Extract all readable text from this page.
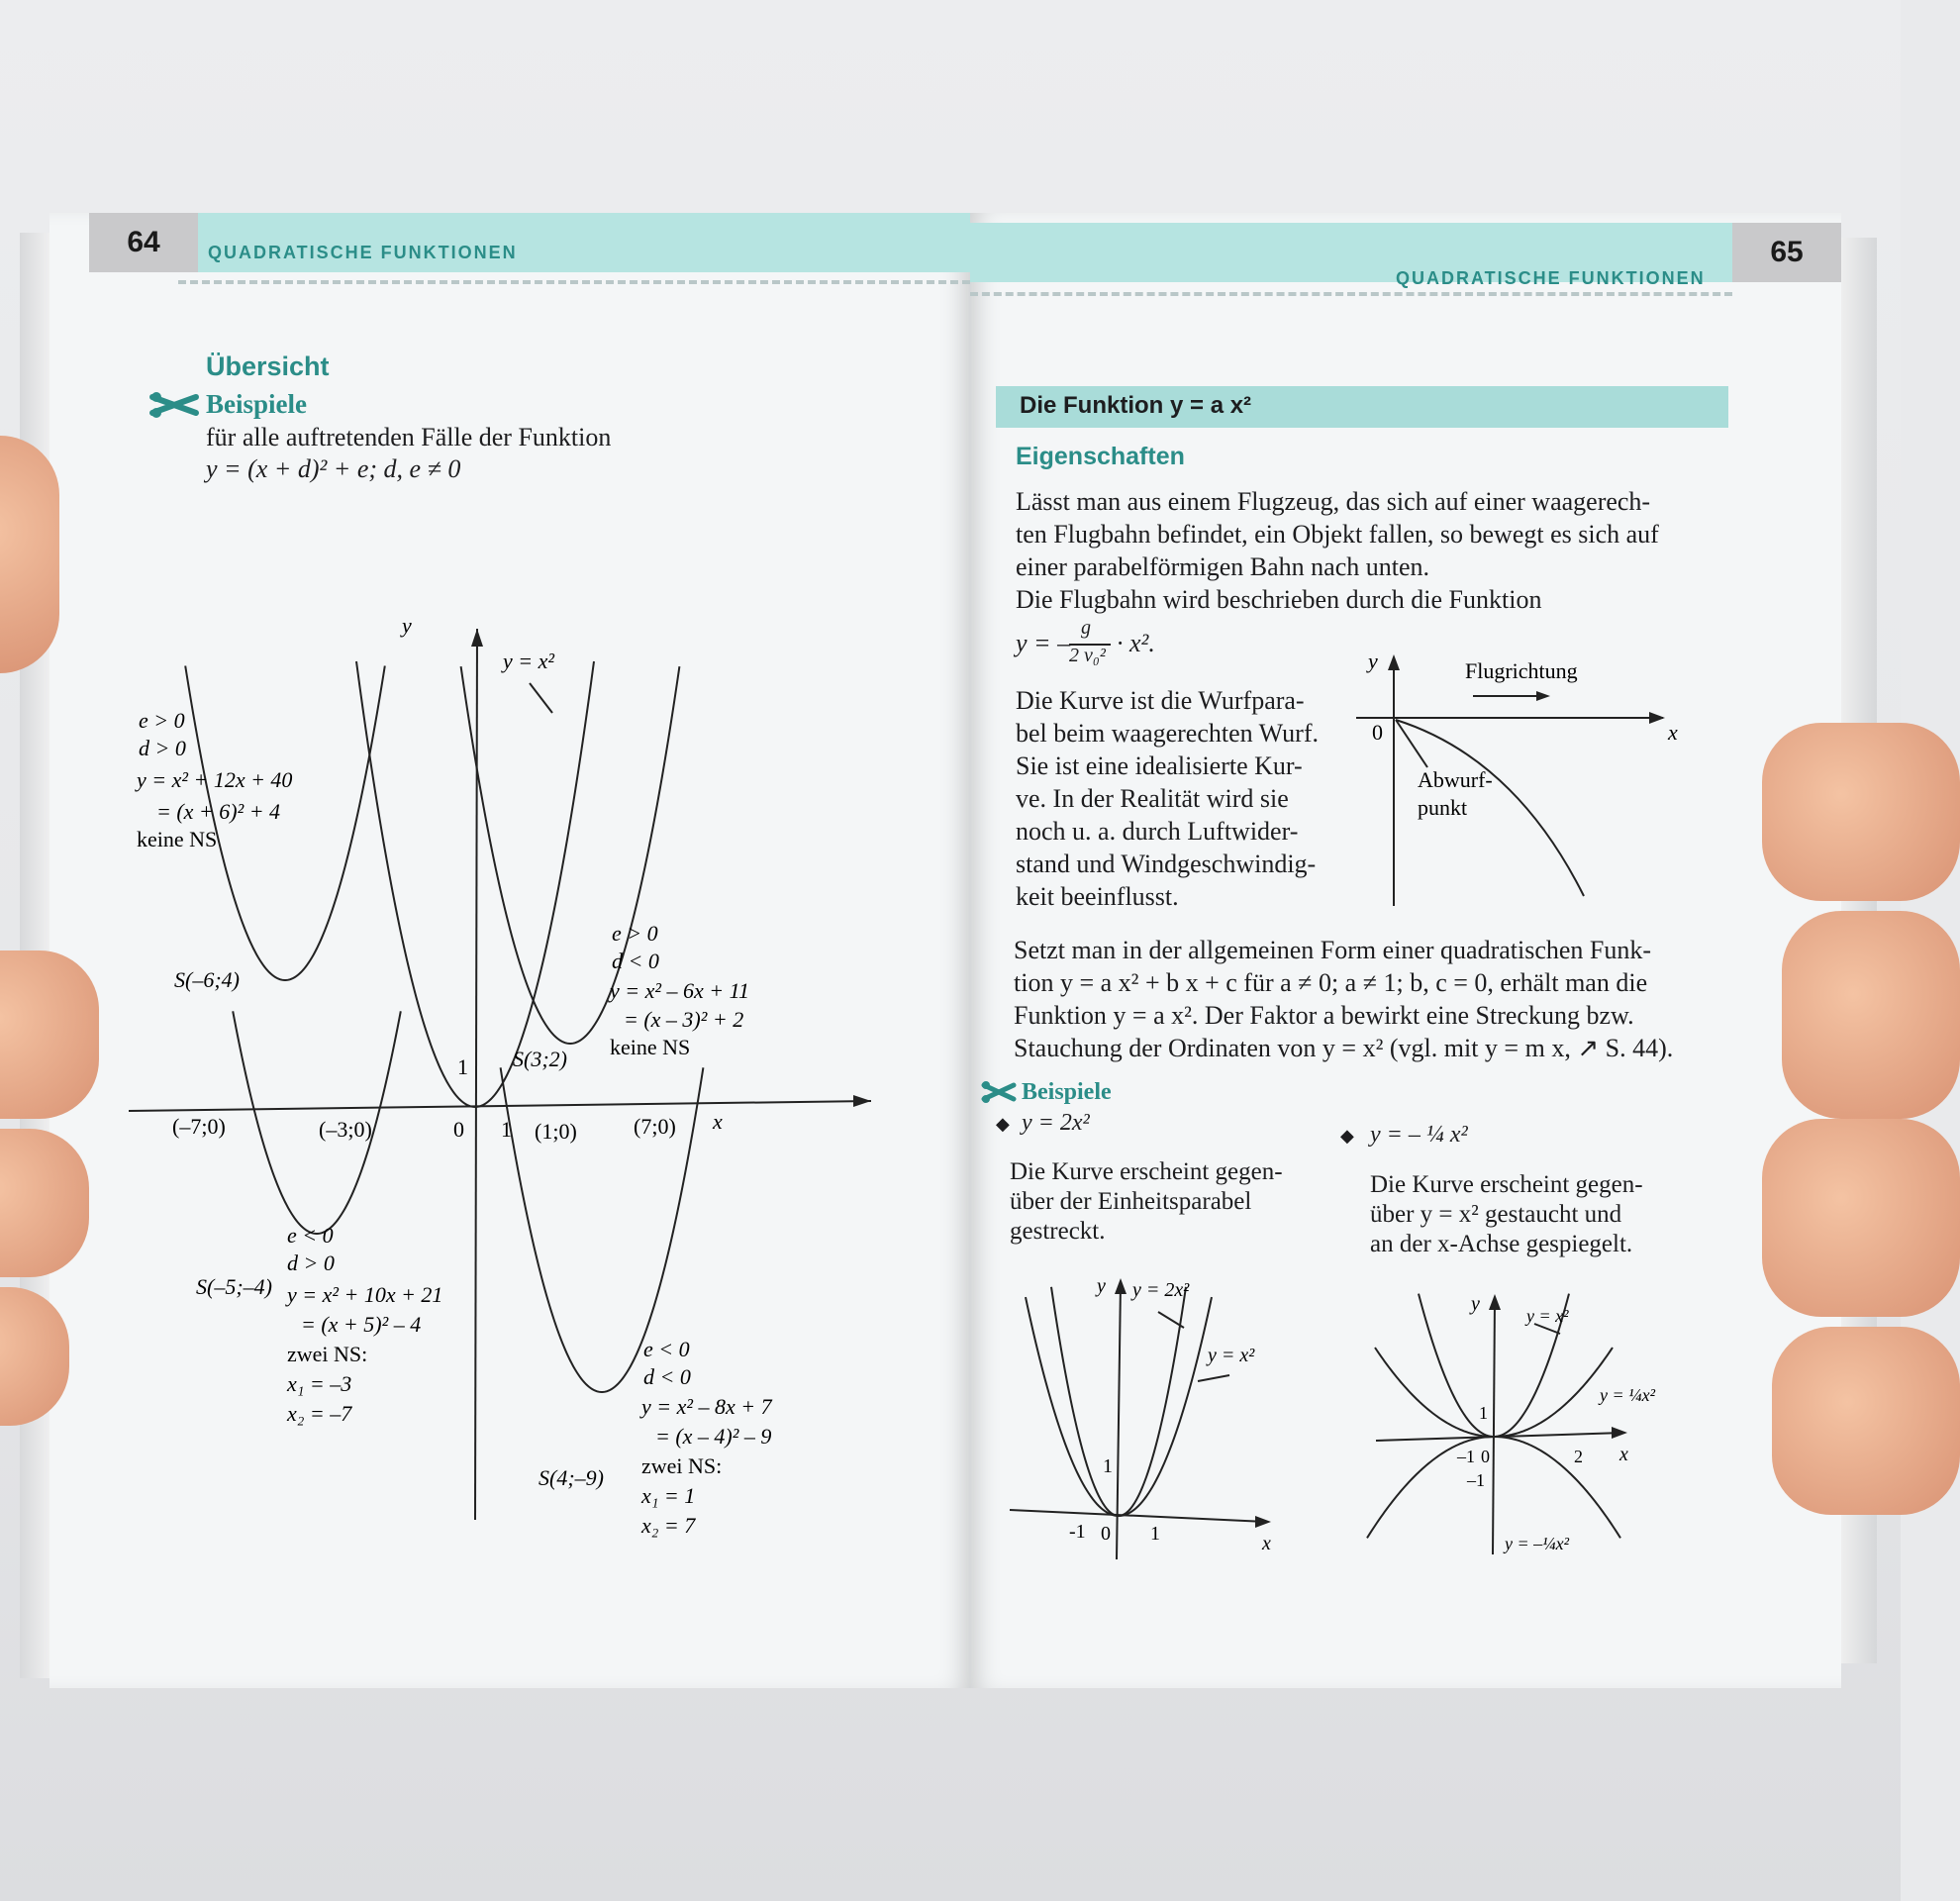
64	QUADRATISCHE FUNKTIONEN
Übersicht
Beispiele
für alle auftretenden Fälle der Funktion
y = (x + d)² + e; d, e ≠ 0
y
x
0 1
1
y = x²
e > 0
d > 0
y = x² + 12x + 40
= (x + 6)² + 4
keine NS
S(–6;4)
e > 0
d < 0
y = x² – 6x + 11
= (x – 3)² + 2
keine NS
S(3;2)
e < 0
d > 0
y = x² + 10x + 21
= (x + 5)² – 4
zwei NS:
x₁ = –3
x₂ = –7
S(–5;–4)
e < 0
d < 0
y = x² – 8x + 7
= (x – 4)² – 9
zwei NS:
x₁ = 1
x₂ = 7
S(4;–9)
(–7;0)	(–3;0)	(1;0)	(7;0)
QUADRATISCHE FUNKTIONEN
65
Die Funktion y = a x²
Eigenschaften
Lässt man aus einem Flugzeug, das sich auf einer waagerech-
ten Flugbahn befindet, ein Objekt fallen, so bewegt es sich auf
einer parabelförmigen Bahn nach unten.
Die Flugbahn wird beschrieben durch die Funktion
y = –
g
2 v₀² · x².
Die Kurve ist die Wurfpara-
bel beim waagerechten Wurf.
Sie ist eine idealisierte Kur-
ve. In der Realität wird sie
noch u. a. durch Luftwider-
stand und Windgeschwindig-
keit beeinflusst.
y
x
0
Flugrichtung
Abwurf-
punkt
Setzt man in der allgemeinen Form einer quadratischen Funk-
tion y = a x² + b x + c für a ≠ 0; a ≠ 1; b, c = 0, erhält man die
Funktion y = a x². Der Faktor a bewirkt eine Streckung bzw.
Stauchung der Ordinaten von y = x² (vgl. mit y = m x, ↗ S. 44).
Beispiele
◆ y = 2x²
Die Kurve erscheint gegen-
über der Einheitsparabel
gestreckt.
◆ y = – ¼ x²
Die Kurve erscheint gegen-
über y = x² gestaucht und
an der x-Achse gespiegelt.
y
x
y = 2x²
y = x²
1
1
-1 0
y
x
y = x²
y = ¼x²
y = –¼x²
1
–1
2
–1 0
